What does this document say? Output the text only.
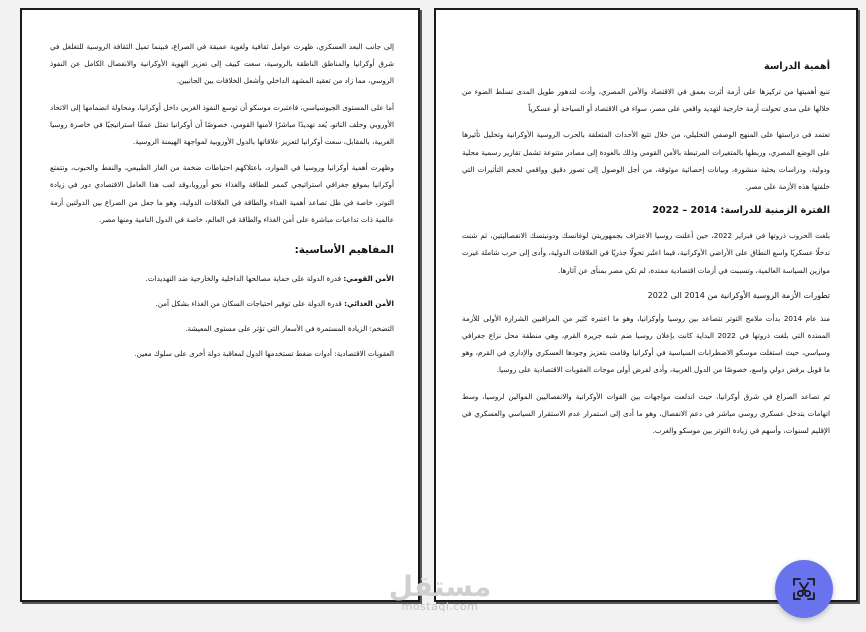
إلى جانب البعد العسكري، ظهرت عوامل ثقافية ولغوية عميقة في الصراع، فبينما تميل الثقافة الروسية للتغلغل في شرق أوكرانيا والمناطق الناطقة بالروسية، سعت كييف إلى تعزيز الهوية الأوكرانية والانفصال الكامل عن النفوذ الروسي، مما زاد من تعقيد المشهد الداخلي وأشعل الخلافات بين الجانبين.

أما على المستوى الجيوسياسي، فاعتبرت موسكو أن توسع النفوذ الغربي داخل أوكرانيا، ومحاولة انضمامها إلى الاتحاد الأوروبي وحلف الناتو، يُعد تهديدًا مباشرًا لأمنها القومي، خصوصًا أن أوكرانيا تمثل عمقًا استراتيجيًا في خاصرة روسيا الغربية، بالمقابل، سعت أوكرانيا لتعزيز علاقاتها بالدول الأوروبية لمواجهة الهيمنة الروسية.

وظهرت أهمية أوكرانيا وروسيا في الموارد، باعتلاكهم احتياطات ضخمة من الغاز الطبيعي، والنفط والحبوب، وتتمتع أوكرانيا بموقع جغرافي استراتيجي كممر للطاقة والغذاء نحو أوروبا،وقد لعب هذا العامل الاقتصادي دور في زيادة التوتر، خاصة في ظل تصاعد أهمية الغذاء والطاقة في العلاقات الدولية، وهو ما جعل من الصراع بين الدولتين أزمة عالمية ذات تداعيات مباشرة على أمن الغذاء والطاقة في العالم، خاصة في الدول النامية ومنها مصر.

المفاهيم الأساسية:

الأمن القومي: قدرة الدولة على حماية مصالحها الداخلية والخارجية ضد التهديدات.

الأمن الغذائي: قدرة الدولة على توفير احتياجات السكان من الغذاء بشكل آمن.

التضخم: الزيادة المستمرة في الأسعار التي تؤثر على مستوى المعيشة.

العقوبات الاقتصادية: أدوات ضغط تستخدمها الدول لمعاقبة دولة أخرى على سلوك معين.

أهمية الدراسة

تنبع أهميتها من تركيزها على أزمة أثرت بعمق في الاقتصاد والأمن المصري، وأدت لتدهور طويل المدى تسلط الضوء من خلالها على مدى تحولت أزمة خارجية لتهديد واقعي على مصر، سواء في الاقتصاد أو السياحة أو عسكرياً

تعتمد في دراستها على المنهج الوصفي التحليلي، من خلال تتبع الأحداث المتعلقة بالحرب الروسية الأوكرانية وتحليل تأثيرها على الوضع المصري، وربطها بالمتغيرات المرتبطة بالأمن القومي وذلك بالعودة إلى مصادر متنوعة تشمل تقارير رسمية محلية ودولية، ودراسات بحثية منشورة، وبيانات إحصائية موثوقة، من أجل الوصول إلى تصور دقيق وواقعي لحجم التأثيرات التي خلفتها هذه الأزمة على مصر.

الفترة الزمنية للدراسة: 2014 – 2022

بلغت الحروب ذروتها في فبراير 2022، حين أعلنت روسيا الاعتراف بجمهوريتي لوغانسك ودونيتسك الانفصاليتين، ثم شنت تدخلًا عسكريًا واسع النطاق على الأراضي الأوكرانية، فيما اعتُبر تحولًا جذريًا في العلاقات الدولية، وأدى إلى حرب شاملة غيرت موازين السياسة العالمية، وتسببت في أزمات اقتصادية ممتدة، لم تكن مصر بمنأى عن آثارها.

تطورات الأزمة الروسية الأوكرانية من 2014 الى 2022

منذ عام 2014 بدأت ملامح التوتر تتصاعد بين روسيا وأوكرانيا، وهو ما اعتبره كثير من المراقبين الشرارة الأولى للأزمة الممتدة التي بلغت ذروتها في 2022 البداية كانت بإعلان روسيا ضم شبه جزيرة القرم، وهي منطقة محل نزاع جغرافي وسياسي، حيث استغلت موسكو الاضطرابات السياسية في أوكرانيا وقامت بتعزيز وجودها العسكري والإداري في القرم، وهو ما قوبل برفض دولي واسع، خصوصًا من الدول الغربية، وأدى لفرض أولى موجات العقوبات الاقتصادية على روسيا.

ثم تصاعد الصراع في شرق أوكرانيا، حيث اندلعت مواجهات بين القوات الأوكرانية والانفصاليين الموالين لروسيا، وسط اتهامات بتدخل عسكري روسي مباشر في دعم الانفصال، وهو ما أدى إلى استمرار عدم الاستقرار السياسي والعسكري في الإقليم لسنوات، وأسهم في زيادة التوتر بين موسكو والغرب.

مستقل
mostaql.com
